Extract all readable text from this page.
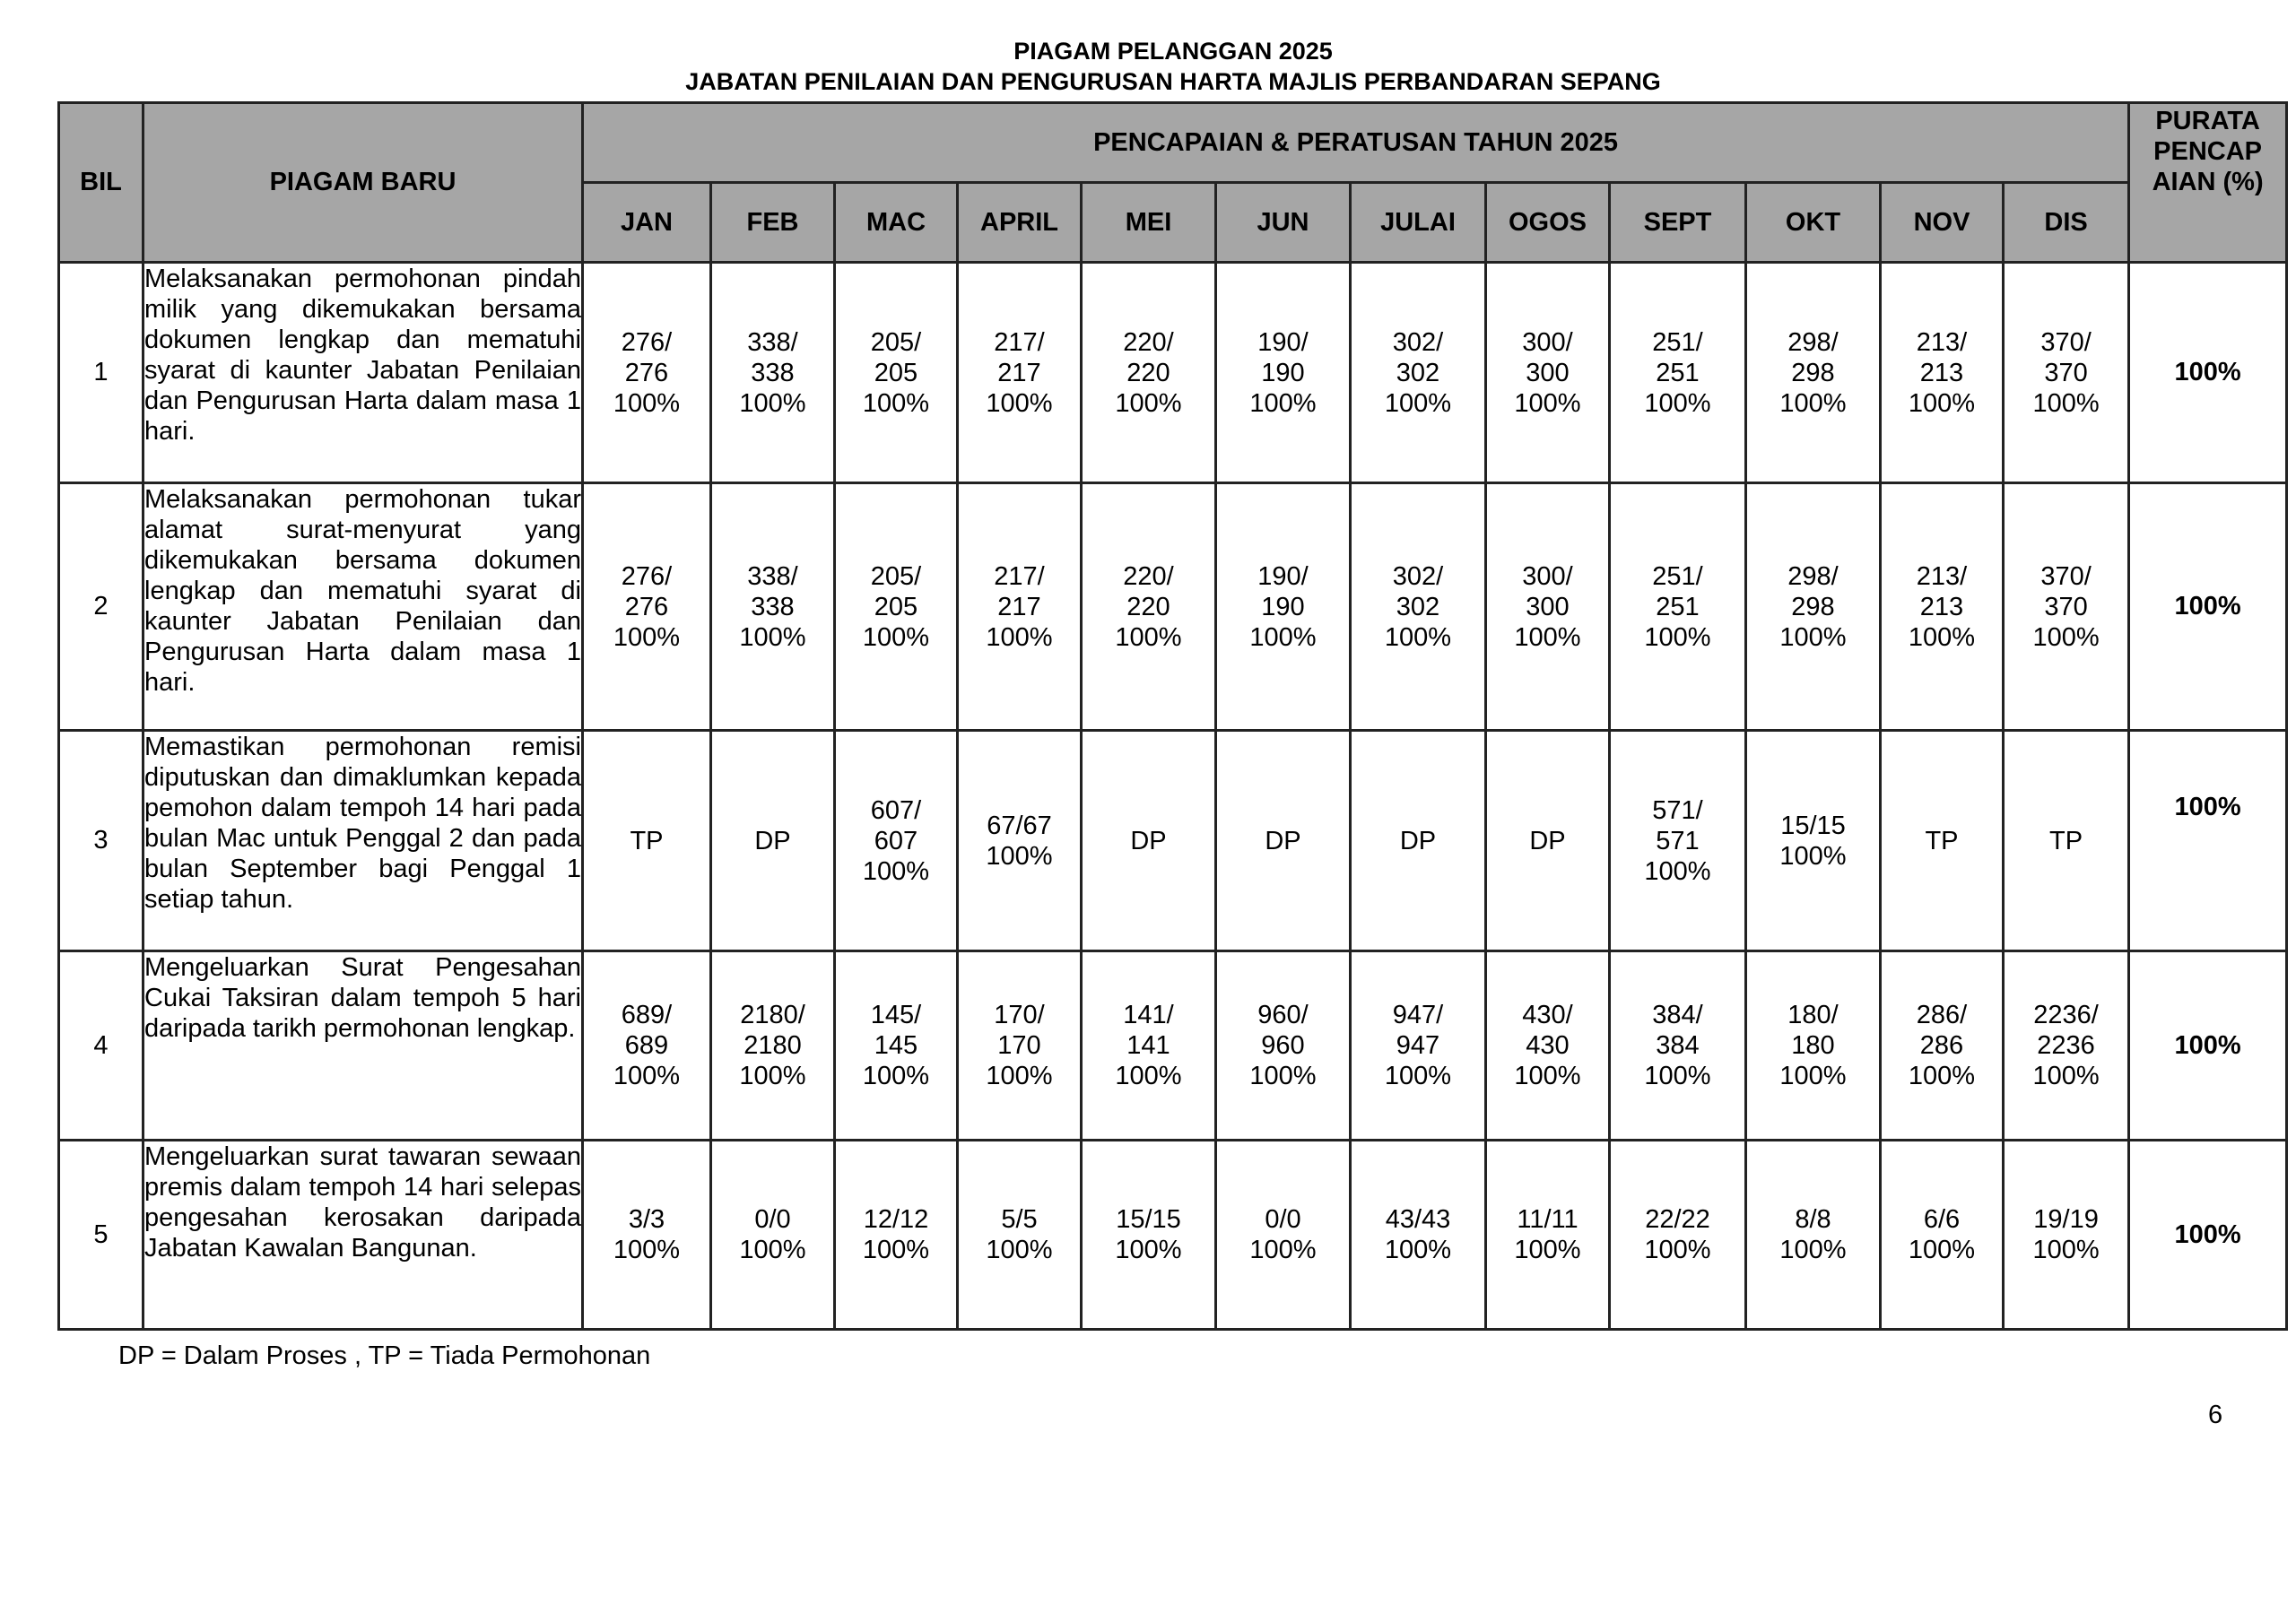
PIAGAM PELANGGAN 2025
JABATAN PENILAIAN DAN PENGURUSAN HARTA MAJLIS PERBANDARAN SEPANG
BIL	PIAGAM BARU	PENCAPAIAN & PERATUSAN TAHUN 2025												PURATA
PENCAP
AIAN (%)

		JAN	FEB	MAC	APRIL	MEI	JUN	JULAI	OGOS	SEPT	OKT	NOV	DIS	
1	Melaksanakan permohonan pindah milik yang dikemukakan bersama dokumen lengkap dan mematuhi syarat di kaunter Jabatan Penilaian dan Pengurusan Harta dalam masa 1 hari.	276/
276
100%	338/
338
100%	205/
205
100%	217/
217
100%	220/
220
100%	190/
190
100%	302/
302
100%	300/
300
100%	251/
251
100%	298/
298
100%	213/
213
100%	370/
370
100%	100%
2	Melaksanakan permohonan tukar alamat surat-menyurat yang dikemukakan bersama dokumen lengkap dan mematuhi syarat di kaunter Jabatan Penilaian dan Pengurusan Harta dalam masa 1 hari.	276/
276
100%	338/
338
100%	205/
205
100%	217/
217
100%	220/
220
100%	190/
190
100%	302/
302
100%	300/
300
100%	251/
251
100%	298/
298
100%	213/
213
100%	370/
370
100%	100%
3	Memastikan permohonan remisi diputuskan dan dimaklumkan kepada pemohon dalam tempoh 14 hari pada bulan Mac untuk Penggal 2 dan pada bulan September bagi Penggal 1 setiap tahun.	TP	DP	607/
607
100%	67/67
100%	DP	DP	DP	DP	571/
571
100%	15/15
100%	TP	TP	100%
4	Mengeluarkan Surat Pengesahan Cukai Taksiran dalam tempoh 5 hari daripada tarikh permohonan lengkap.	689/
689
100%	2180/
2180
100%	145/
145
100%	170/
170
100%	141/
141
100%	960/
960
100%	947/
947
100%	430/
430
100%	384/
384
100%	180/
180
100%	286/
286
100%	2236/
2236
100%	100%
5	Mengeluarkan surat tawaran sewaan premis dalam tempoh 14 hari selepas pengesahan kerosakan daripada Jabatan Kawalan Bangunan.	3/3
100%	0/0
100%	12/12
100%	5/5
100%	15/15
100%	0/0
100%	43/43
100%	11/11
100%	22/22
100%	8/8
100%	6/6
100%	19/19
100%	100%
DP = Dalam Proses , TP = Tiada Permohonan
6
